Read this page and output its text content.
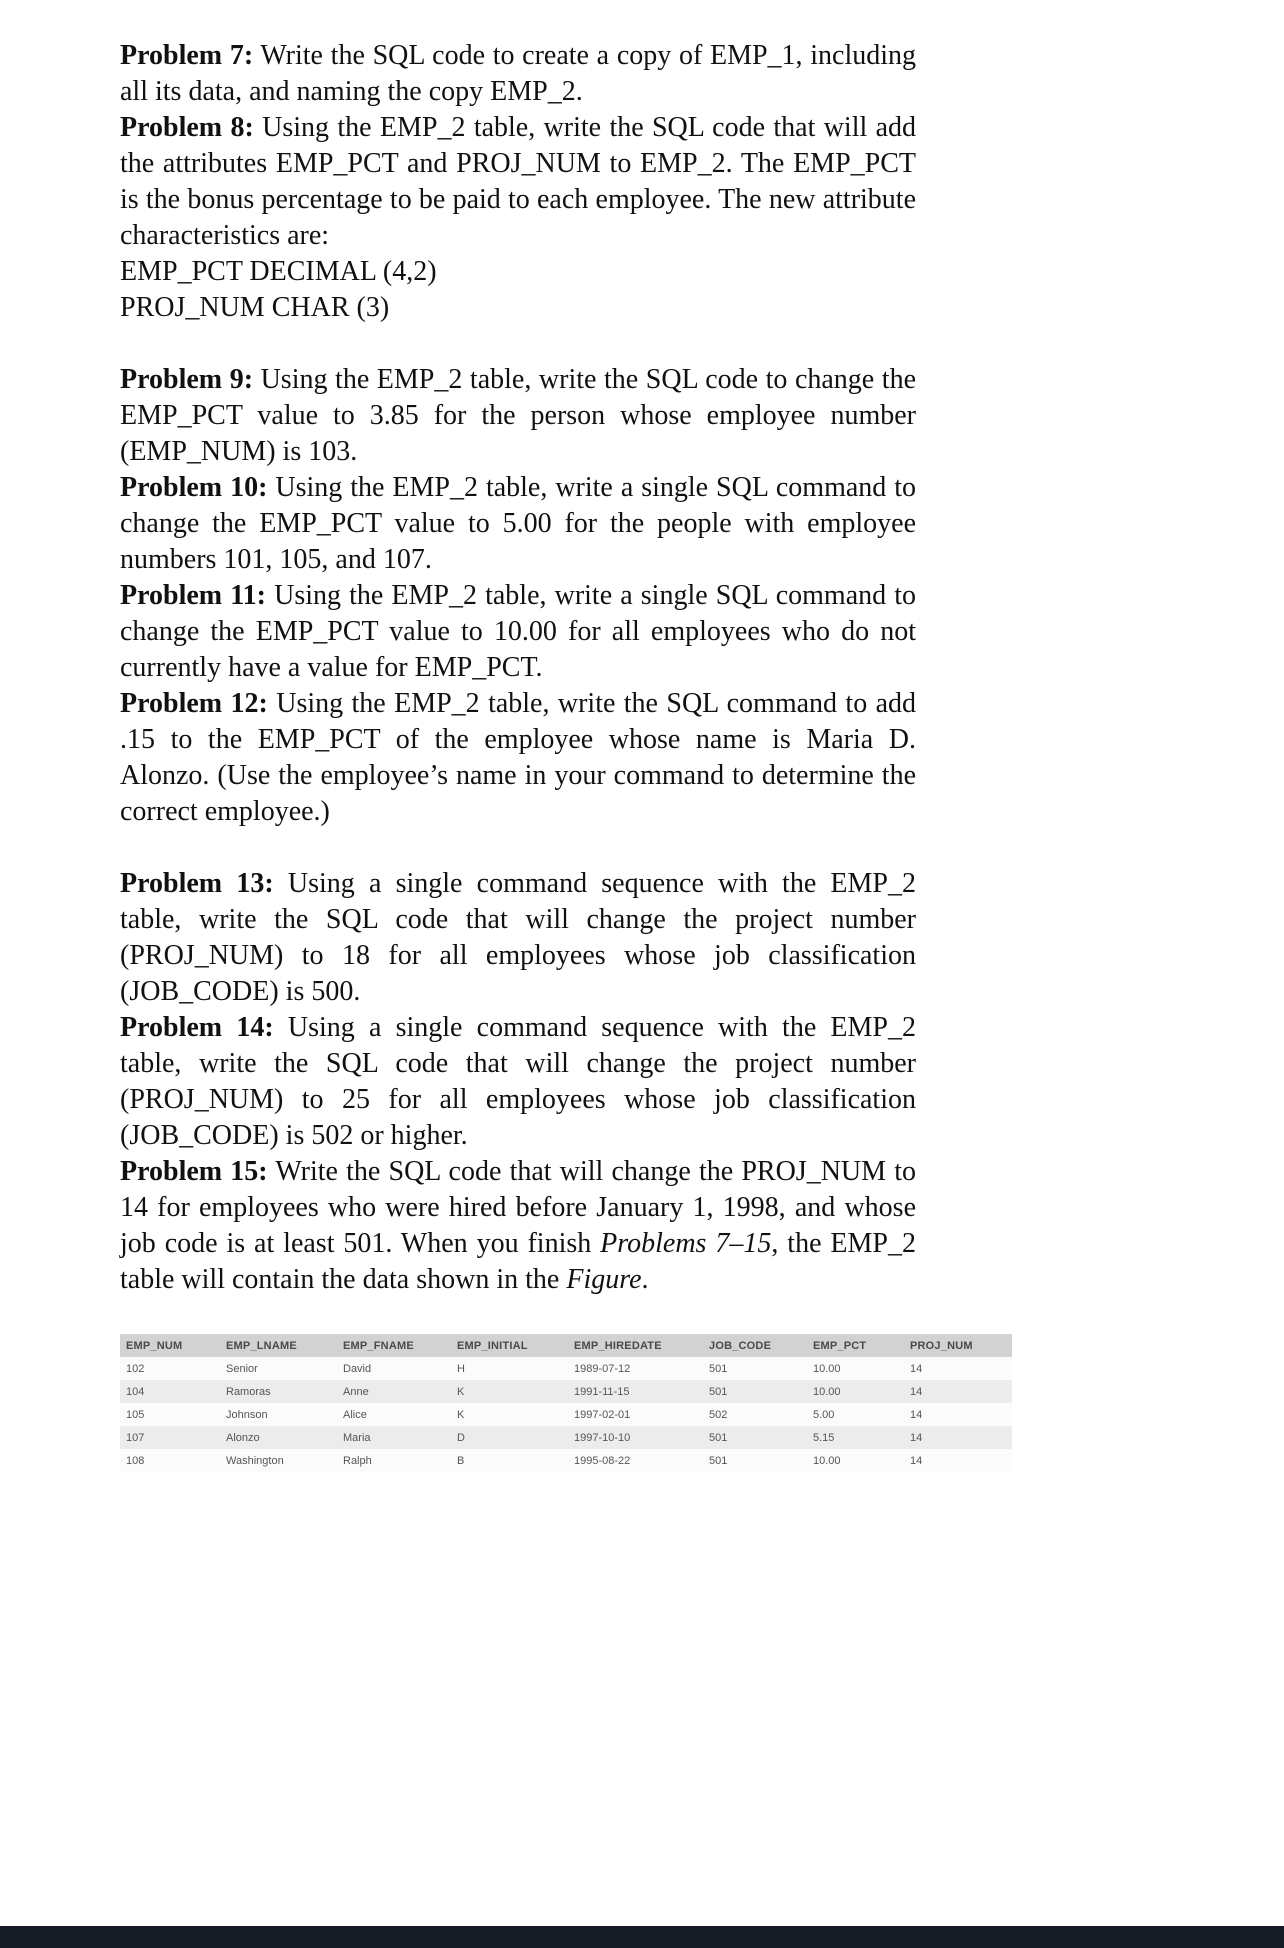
Problem 7: Write the SQL code to create a copy of EMP_1, including all its data, and naming the copy EMP_2.

Problem 8: Using the EMP_2 table, write the SQL code that will add the attributes EMP_PCT and PROJ_NUM to EMP_2. The EMP_PCT is the bonus percentage to be paid to each employee. The new attribute characteristics are:

EMP_PCT DECIMAL (4,2)

PROJ_NUM CHAR (3)

Problem 9: Using the EMP_2 table, write the SQL code to change the EMP_PCT value to 3.85 for the person whose employee number (EMP_NUM) is 103.

Problem 10: Using the EMP_2 table, write a single SQL command to change the EMP_PCT value to 5.00 for the people with employee numbers 101, 105, and 107.

Problem 11: Using the EMP_2 table, write a single SQL command to change the EMP_PCT value to 10.00 for all employees who do not currently have a value for EMP_PCT.

Problem 12: Using the EMP_2 table, write the SQL command to add .15 to the EMP_PCT of the employee whose name is Maria D. Alonzo. (Use the employee’s name in your command to determine the correct employee.)

Problem 13: Using a single command sequence with the EMP_2 table, write the SQL code that will change the project number (PROJ_NUM) to 18 for all employees whose job classification (JOB_CODE) is 500.

Problem 14: Using a single command sequence with the EMP_2 table, write the SQL code that will change the project number (PROJ_NUM) to 25 for all employees whose job classification (JOB_CODE) is 502 or higher.

Problem 15: Write the SQL code that will change the PROJ_NUM to 14 for employees who were hired before January 1, 1998, and whose job code is at least 501. When you finish Problems 7–15, the EMP_2 table will contain the data shown in the Figure.

EMP_NUM	EMP_LNAME	EMP_FNAME	EMP_INITIAL	EMP_HIREDATE	JOB_CODE	EMP_PCT	PROJ_NUM
102	Senior	David	H	1989-07-12	501	10.00	14
104	Ramoras	Anne	K	1991-11-15	501	10.00	14
105	Johnson	Alice	K	1997-02-01	502	5.00	14
107	Alonzo	Maria	D	1997-10-10	501	5.15	14
108	Washington	Ralph	B	1995-08-22	501	10.00	14
